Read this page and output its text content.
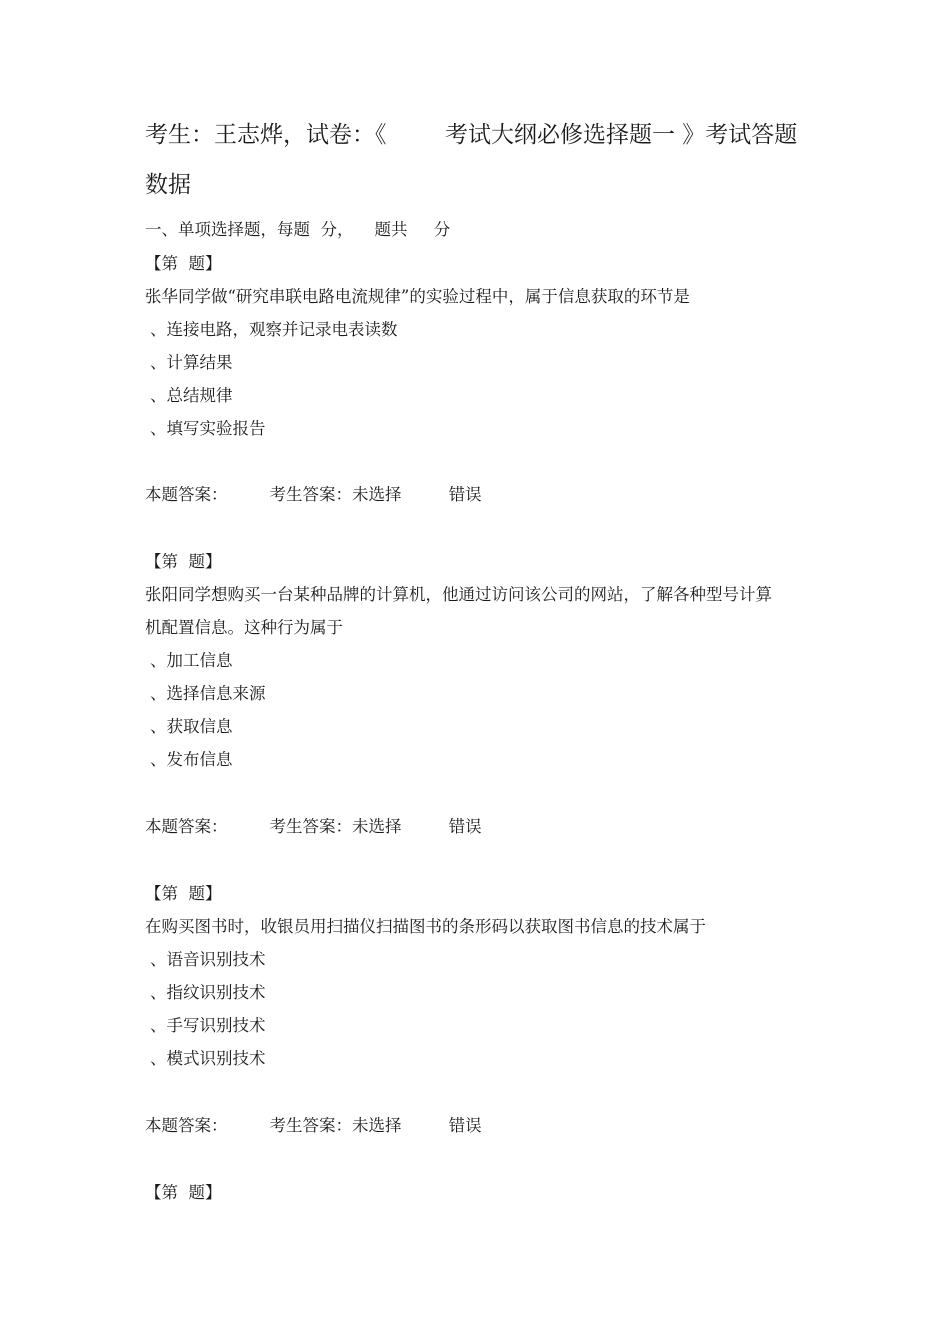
考生：王志烨，试卷：《        考试大纲必修选择题一 》考试答题
数据
一、单项选择题，每题  分，    题共     分
【第  题】
张华同学做“研究串联电路电流规律”的实验过程中，属于信息获取的环节是
、连接电路，观察并记录电表读数
、计算结果
、总结规律
、填写实验报告
本题答案：        考生答案：未选择         错误
【第  题】
张阳同学想购买一台某种品牌的计算机，他通过访问该公司的网站，了解各种型号计算
机配置信息。这种行为属于
、加工信息
、选择信息来源
、获取信息
、发布信息
本题答案：        考生答案：未选择         错误
【第  题】
在购买图书时，收银员用扫描仪扫描图书的条形码以获取图书信息的技术属于
、语音识别技术
、指纹识别技术
、手写识别技术
、模式识别技术
本题答案：        考生答案：未选择         错误
【第  题】
